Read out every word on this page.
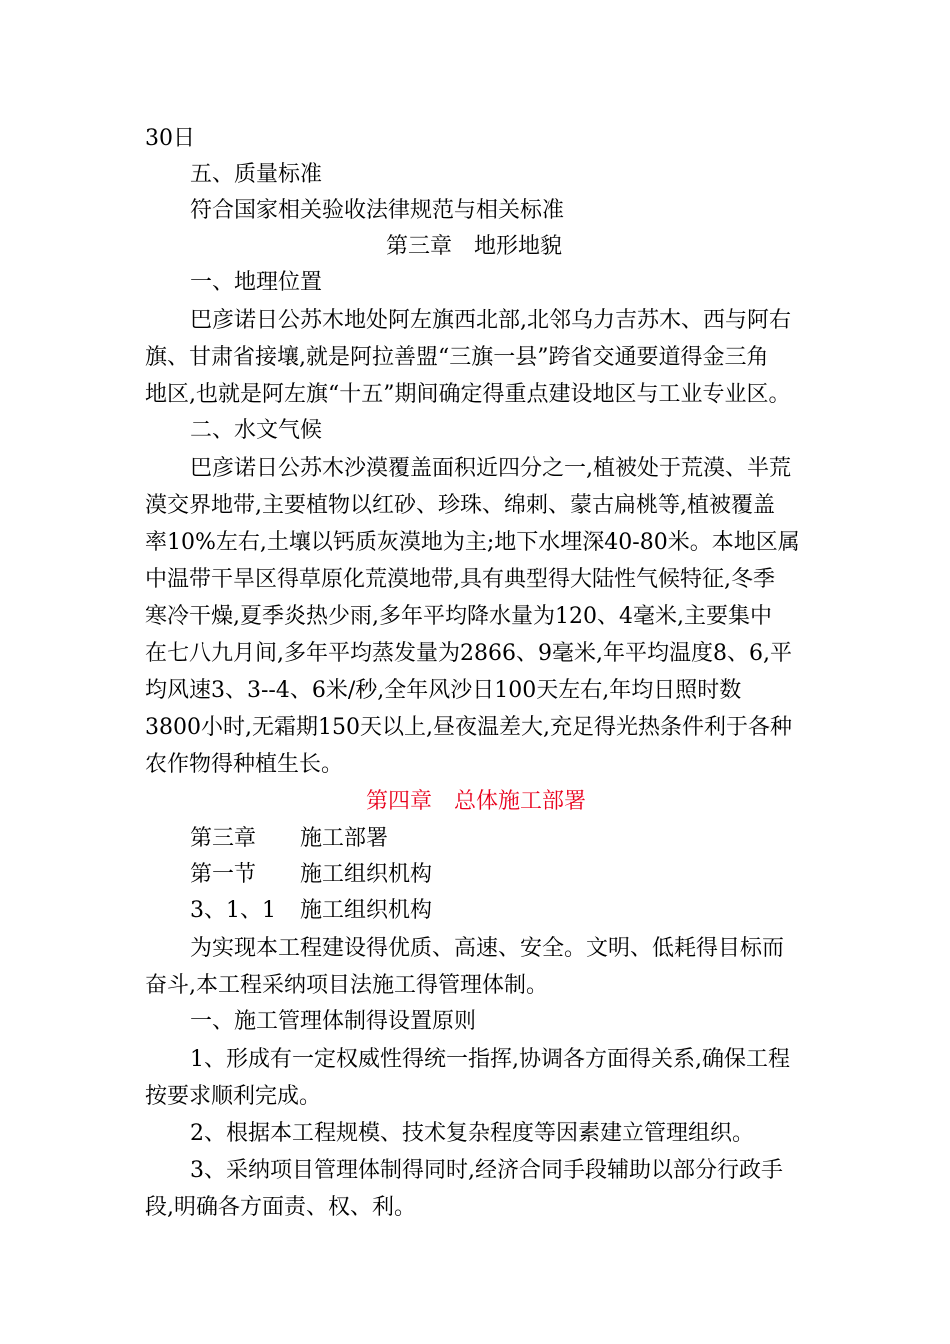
30日
五、质量标准
符合国家相关验收法律规范与相关标准
第三章　地形地貌
一、地理位置
巴彦诺日公苏木地处阿左旗西北部,北邻乌力吉苏木、西与阿右
旗、甘肃省接壤,就是阿拉善盟“三旗一县”跨省交通要道得金三角
地区,也就是阿左旗“十五”期间确定得重点建设地区与工业专业区。
二、水文气候
巴彦诺日公苏木沙漠覆盖面积近四分之一,植被处于荒漠、半荒
漠交界地带,主要植物以红砂、珍珠、绵刺、蒙古扁桃等,植被覆盖
率10%左右,土壤以钙质灰漠地为主;地下水埋深40-80米。本地区属
中温带干旱区得草原化荒漠地带,具有典型得大陆性气候特征,冬季
寒冷干燥,夏季炎热少雨,多年平均降水量为120、4毫米,主要集中
在七八九月间,多年平均蒸发量为2866、9毫米,年平均温度8、6,平
均风速3、3--4、6米/秒,全年风沙日100天左右,年均日照时数
3800小时,无霜期150天以上,昼夜温差大,充足得光热条件利于各种
农作物得种植生长。
第四章　总体施工部署
第三章 施工部署
第一节 施工组织机构
3、1、1 施工组织机构
为实现本工程建设得优质、高速、安全。文明、低耗得目标而
奋斗,本工程采纳项目法施工得管理体制。
一、施工管理体制得设置原则
1、形成有一定权威性得统一指挥,协调各方面得关系,确保工程
按要求顺利完成。
2、根据本工程规模、技术复杂程度等因素建立管理组织。
3、采纳项目管理体制得同时,经济合同手段辅助以部分行政手
段,明确各方面责、权、利。
